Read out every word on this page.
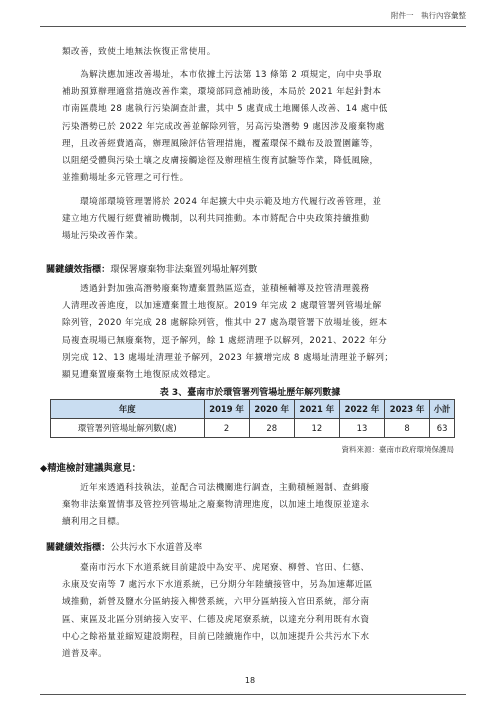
附件一　執行內容彙整
類改善，致使土地無法恢復正常使用。
　　為解決應加速改善場址，本市依據土污法第 13 條第 2 項規定，向中央爭取
補助預算辦理適當措施改善作業，環境部同意補助後，本局於 2021 年起針對本
市南區農地 28 處執行污染調查計畫，其中 5 處責成土地關係人改善、14 處中低
污染潛勢已於 2022 年完成改善並解除列管，另高污染潛勢 9 處因涉及廢棄物處
理，且改善經費過高，辦理風險評估管理措施，覆蓋環保不織布及設置圍籬等，
以阻絕受體與污染土壤之皮膚接觸途徑及辦理植生復育試驗等作業，降低風險，
並推動場址多元管理之可行性。
　　環境部環境管理署將於 2024 年起擴大中央示範及地方代履行改善管理，並
建立地方代履行經費補助機制，以利共同推動。本市將配合中央政策持續推動
場址污染改善作業。
關鍵績效指標：環保署廢棄物非法棄置列場址解列數
　　透過針對加強高潛勢廢棄物遭棄置熱區巡查，並積極輔導及控管清理義務
人清理改善進度，以加速遭棄置土地復原。2019 年完成 2 處環管署列管場址解
除列管，2020 年完成 28 處解除列管，惟其中 27 處為環管署下放場址後，經本
局複查現場已無廢棄物，逕予解列，餘 1 處經清理予以解列，2021、2022 年分
別完成 12、13 處場址清理並予解列，2023 年擴增完成 8 處場址清理並予解列；
顯見遭棄置廢棄物土地復原成效穩定。
表 3、臺南市於環管署列管場址歷年解列數據
年度	2019 年	2020 年	2021 年	2022 年	2023 年	小計
環管署列管場址解列數(處)	2	28	12	13	8	63
資料來源：臺南市政府環境保護局
◆精進檢討建議與意見：
　　近年來透過科技執法，並配合司法機關進行調查，主動積極遏制、查緝廢
棄物非法棄置情事及管控列管場址之廢棄物清理進度，以加速土地復原並達永
續利用之目標。
關鍵績效指標：公共污水下水道普及率
　　臺南市污水下水道系統目前建設中為安平、虎尾寮、柳營、官田、仁德、
永康及安南等 7 處污水下水道系統，已分期分年陸續接管中，另為加速鄰近區
域推動，新營及鹽水分區納接入柳營系統，六甲分區納接入官田系統，部分南
區、東區及北區分別納接入安平、仁德及虎尾寮系統，以達充分利用既有水資
中心之餘裕量並縮短建設期程，目前已陸續施作中，以加速提升公共污水下水
道普及率。
18
